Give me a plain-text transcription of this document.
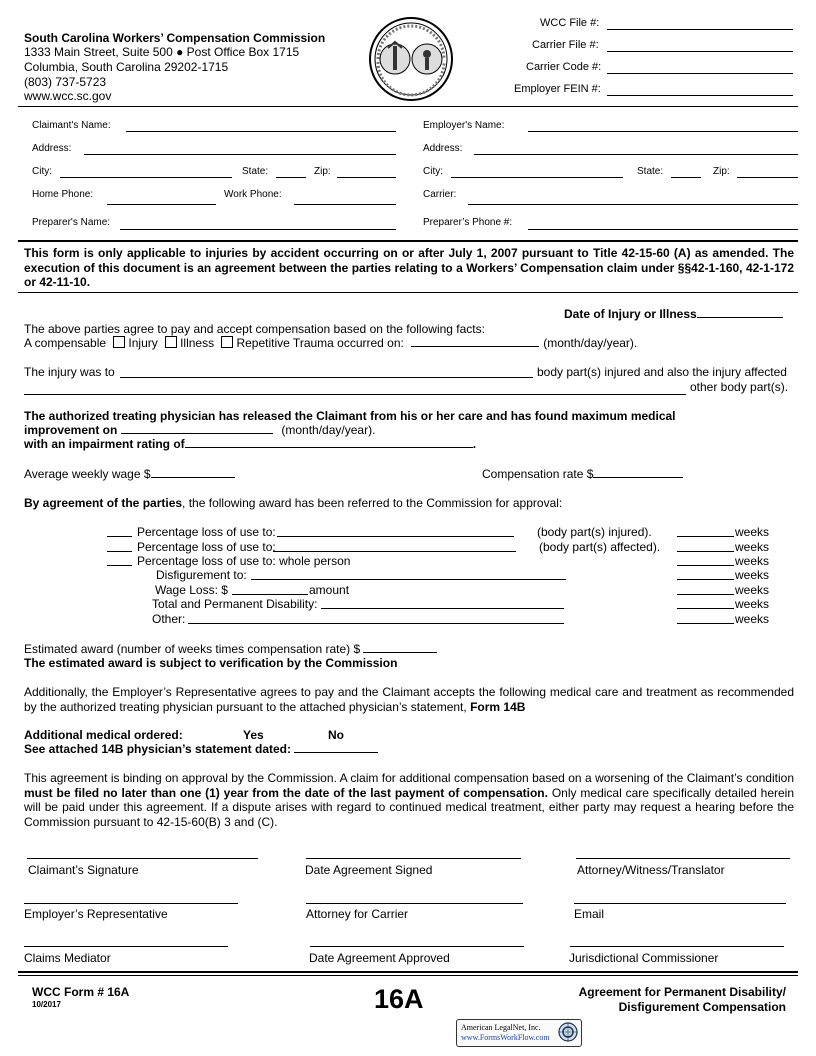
South Carolina Workers’ Compensation Commission
1333 Main Street, Suite 500 ● Post Office Box 1715
Columbia, South Carolina 29202-1715
(803) 737-5723
www.wcc.sc.gov
WCC File #:
Carrier File #:
Carrier Code #:
Employer FEIN #:
Claimant's Name:	Employer's Name:
Address:	Address:
City:	State:	Zip:	City:	State:	Zip:
Home Phone:	Work Phone:	Carrier:
Preparer's Name:	Preparer’s Phone #:
This form is only applicable to injuries by accident occurring on or after July 1, 2007 pursuant to Title 42-15-60 (A) as amended. The execution of this document is an agreement between the parties relating to a Workers’ Compensation claim under §§42-1-160, 42-1-172 or 42-11-10.
Date of Injury or Illness
The above parties agree to pay and accept compensation based on the following facts:
A compensable Injury Illness Repetitive Trauma occurred on:	(month/day/year).
The injury was to	body part(s) injured and also the injury affected
other body part(s).
The authorized treating physician has released the Claimant from his or her care and has found maximum medical
improvement on	(month/day/year).
with an impairment rating of	.
Average weekly wage $	Compensation rate $
By agreement of the parties, the following award has been referred to the Commission for approval:
Percentage loss of use to:	(body part(s) injured).	weeks
Percentage loss of use to:	(body part(s) affected).	weeks
Percentage loss of use to: whole person	weeks
Disfigurement to:	weeks
Wage Loss: $	amount	weeks
Total and Permanent Disability:	weeks
Other:	weeks
Estimated award (number of weeks times compensation rate) $
The estimated award is subject to verification by the Commission
Additionally, the Employer’s Representative agrees to pay and the Claimant accepts the following medical care and treatment as recommended by the authorized treating physician pursuant to the attached physician’s statement, Form 14B
Additional medical ordered:	Yes	No
See attached 14B physician’s statement dated:
This agreement is binding on approval by the Commission. A claim for additional compensation based on a worsening of the Claimant’s condition must be filed no later than one (1) year from the date of the last payment of compensation. Only medical care specifically detailed herein will be paid under this agreement. If a dispute arises with regard to continued medical treatment, either party may request a hearing before the Commission pursuant to 42-15-60(B) 3 and (C).
Claimant’s Signature	Date Agreement Signed	Attorney/Witness/Translator
Employer’s Representative	Attorney for Carrier	Email
Claims Mediator	Date Agreement Approved	Jurisdictional Commissioner
WCC Form # 16A
10/2017	16A	Agreement for Permanent Disability/
Disfigurement Compensation
American LegalNet, Inc.
www.FormsWorkFlow.com
